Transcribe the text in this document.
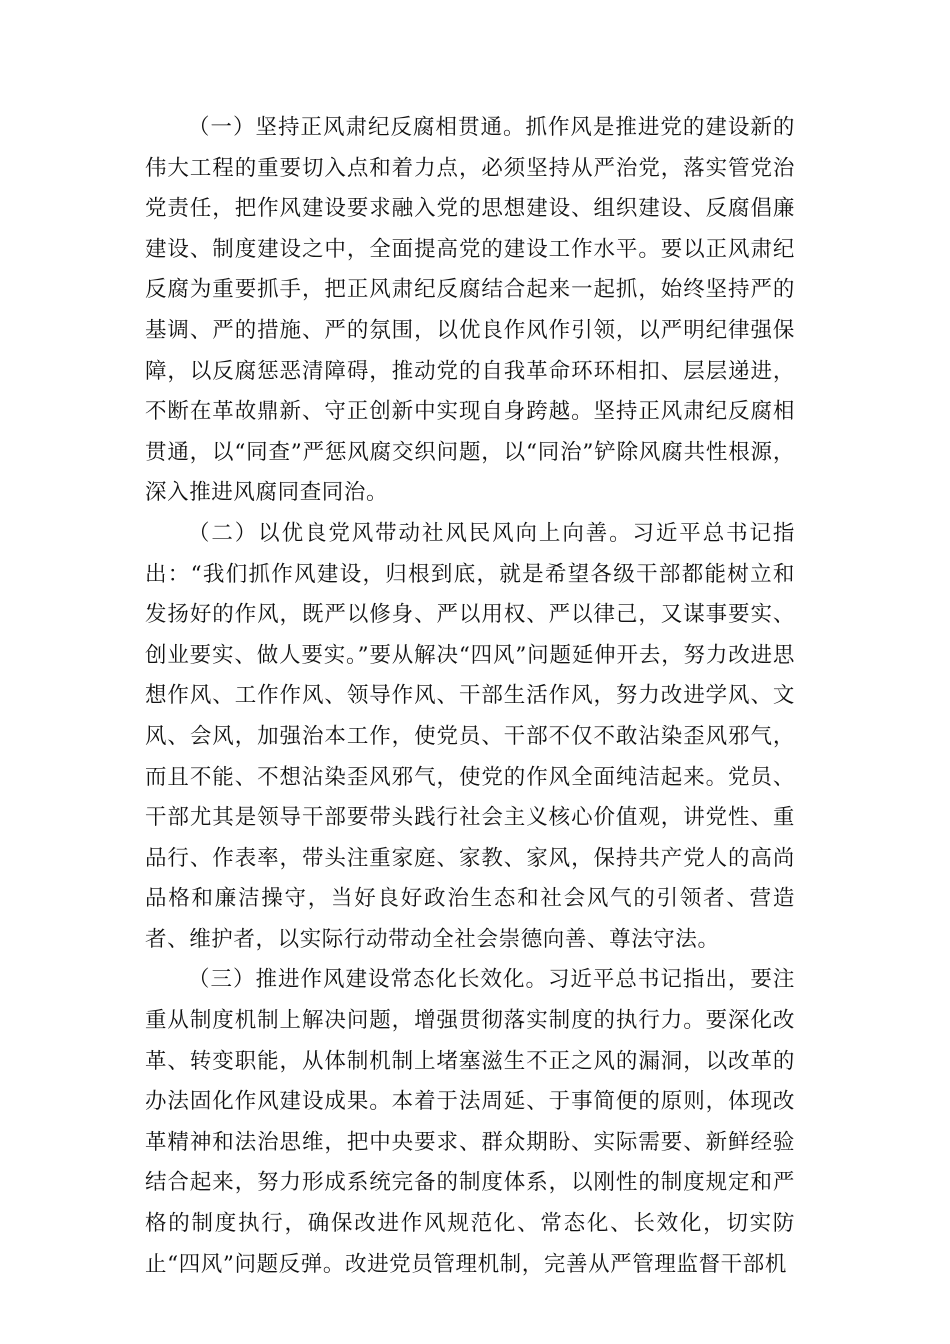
（一）坚持正风肃纪反腐相贯通。抓作风是推进党的建设新的伟大工程的重要切入点和着力点，必须坚持从严治党，落实管党治党责任，把作风建设要求融入党的思想建设、组织建设、反腐倡廉建设、制度建设之中，全面提高党的建设工作水平。要以正风肃纪反腐为重要抓手，把正风肃纪反腐结合起来一起抓，始终坚持严的基调、严的措施、严的氛围，以优良作风作引领，以严明纪律强保障，以反腐惩恶清障碍，推动党的自我革命环环相扣、层层递进，不断在革故鼎新、守正创新中实现自身跨越。坚持正风肃纪反腐相贯通，以“同查”严惩风腐交织问题，以“同治”铲除风腐共性根源，深入推进风腐同查同治。

（二）以优良党风带动社风民风向上向善。习近平总书记指出：“我们抓作风建设，归根到底，就是希望各级干部都能树立和发扬好的作风，既严以修身、严以用权、严以律己，又谋事要实、创业要实、做人要实。”要从解决“四风”问题延伸开去，努力改进思想作风、工作作风、领导作风、干部生活作风，努力改进学风、文风、会风，加强治本工作，使党员、干部不仅不敢沾染歪风邪气，而且不能、不想沾染歪风邪气，使党的作风全面纯洁起来。党员、干部尤其是领导干部要带头践行社会主义核心价值观，讲党性、重品行、作表率，带头注重家庭、家教、家风，保持共产党人的高尚品格和廉洁操守，当好良好政治生态和社会风气的引领者、营造者、维护者，以实际行动带动全社会崇德向善、尊法守法。

（三）推进作风建设常态化长效化。习近平总书记指出，要注重从制度机制上解决问题，增强贯彻落实制度的执行力。要深化改革、转变职能，从体制机制上堵塞滋生不正之风的漏洞，以改革的办法固化作风建设成果。本着于法周延、于事简便的原则，体现改革精神和法治思维，把中央要求、群众期盼、实际需要、新鲜经验结合起来，努力形成系统完备的制度体系，以刚性的制度规定和严格的制度执行，确保改进作风规范化、常态化、长效化，切实防止“四风”问题反弹。改进党员管理机制，完善从严管理监督干部机
